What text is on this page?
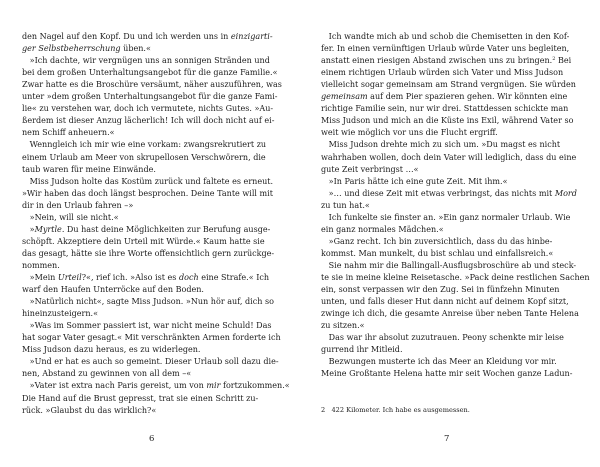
den Nagel auf den Kopf. Du und ich werden uns in einzigarti-
ger Selbstbeherrschung üben.«
»Ich dachte, wir vergnügen uns an sonnigen Stränden und
bei dem großen Unterhaltungsangebot für die ganze Familie.«
Zwar hatte es die Broschüre versäumt, näher auszuführen, was
unter »dem großen Unterhaltungsangebot für die ganze Fami-
lie« zu verstehen war, doch ich vermutete, nichts Gutes. »Au-
ßerdem ist dieser Anzug lächerlich! Ich will doch nicht auf ei-
nem Schiff anheuern.«
Wenngleich ich mir wie eine vorkam: zwangsrekrutiert zu
einem Urlaub am Meer von skrupellosen Verschwörern, die
taub waren für meine Einwände.
Miss Judson holte das Kostüm zurück und faltete es erneut.
»Wir haben das doch längst besprochen. Deine Tante will mit
dir in den Urlaub fahren –»
»Nein, will sie nicht.«
»Myrtle. Du hast deine Möglichkeiten zur Berufung ausge-
schöpft. Akzeptiere dein Urteil mit Würde.« Kaum hatte sie
das gesagt, hätte sie ihre Worte offensichtlich gern zurückge-
nommen.
»Mein Urteil?«, rief ich. »Also ist es doch eine Strafe.« Ich
warf den Haufen Unterröcke auf den Boden.
»Natürlich nicht«, sagte Miss Judson. »Nun hör auf, dich so
hineinzusteigern.«
»Was im Sommer passiert ist, war nicht meine Schuld! Das
hat sogar Vater gesagt.« Mit verschränkten Armen forderte ich
Miss Judson dazu heraus, es zu widerlegen.
»Und er hat es auch so gemeint. Dieser Urlaub soll dazu die-
nen, Abstand zu gewinnen von all dem –«
»Vater ist extra nach Paris gereist, um von mir fortzukommen.«
Die Hand auf die Brust gepresst, trat sie einen Schritt zu-
rück. »Glaubst du das wirklich?«
6
Ich wandte mich ab und schob die Chemisetten in den Kof-
fer. In einen vernünftigen Urlaub würde Vater uns begleiten,
anstatt einen riesigen Abstand zwischen uns zu bringen.$^2$ Bei
einem richtigen Urlaub würden sich Vater und Miss Judson
vielleicht sogar gemeinsam am Strand vergnügen. Sie würden
gemeinsam auf dem Pier spazieren gehen. Wir könnten eine
richtige Familie sein, nur wir drei. Stattdessen schickte man
Miss Judson und mich an die Küste ins Exil, während Vater so
weit wie möglich vor uns die Flucht ergriff.
Miss Judson drehte mich zu sich um. »Du magst es nicht
wahrhaben wollen, doch dein Vater will lediglich, dass du eine
gute Zeit verbringst …«
»In Paris hätte ich eine gute Zeit. Mit ihm.«
»… und diese Zeit mit etwas verbringst, das nichts mit Mord
zu tun hat.«
Ich funkelte sie finster an. »Ein ganz normaler Urlaub. Wie
ein ganz normales Mädchen.«
»Ganz recht. Ich bin zuversichtlich, dass du das hinbe-
kommst. Man munkelt, du bist schlau und einfallsreich.«
Sie nahm mir die Ballingall-Ausflugsbroschüre ab und steck-
te sie in meine kleine Reisetasche. »Pack deine restlichen Sachen
ein, sonst verpassen wir den Zug. Sei in fünfzehn Minuten
unten, und falls dieser Hut dann nicht auf deinem Kopf sitzt,
zwinge ich dich, die gesamte Anreise über neben Tante Helena
zu sitzen.«
Das war ihr absolut zuzutrauen. Peony schenkte mir leise
gurrend ihr Mitleid.
Bezwungen musterte ich das Meer an Kleidung vor mir.
Meine Großtante Helena hatte mir seit Wochen ganze Ladun-
2   422 Kilometer. Ich habe es ausgemessen.
7
